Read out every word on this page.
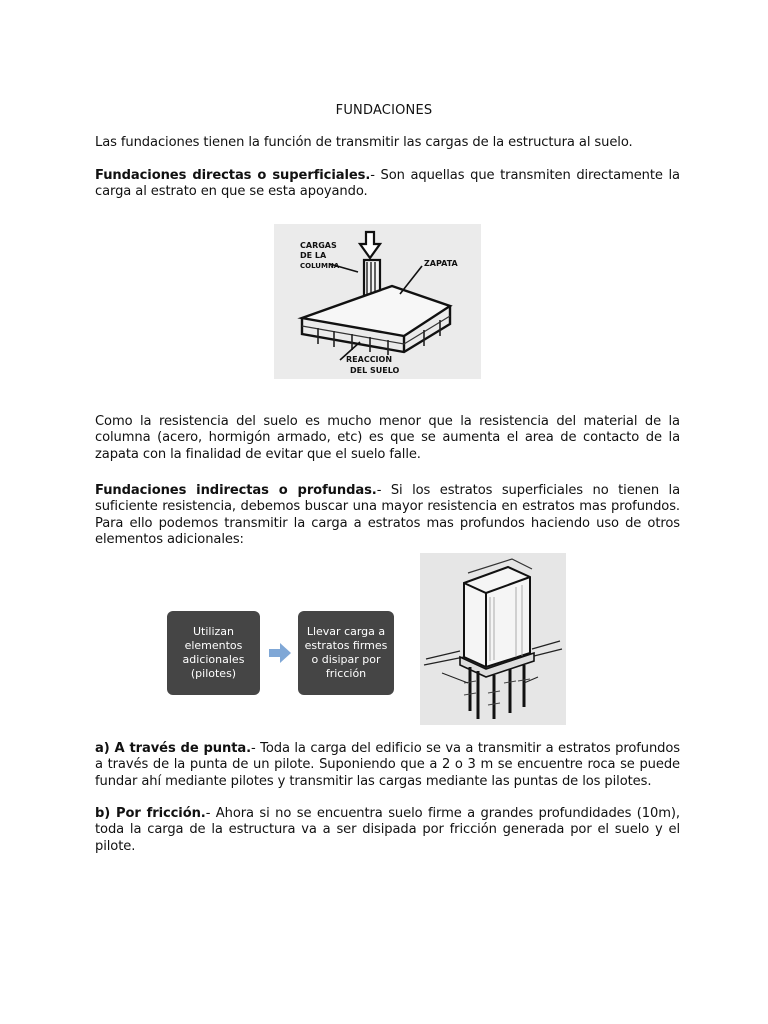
FUNDACIONES
Las fundaciones tienen la función de transmitir las cargas de la estructura al suelo.
Fundaciones directas o superficiales.- Son aquellas que transmiten directamente la carga al estrato en que se esta apoyando.
CARGAS
DE LA
COLUMNA	ZAPATA
REACCION
DEL SUELO
Como la resistencia del suelo es mucho menor que la resistencia del material de la columna (acero, hormigón armado, etc) es que se aumenta el area de contacto de la zapata con la finalidad de evitar que el suelo falle.
Fundaciones indirectas o profundas.- Si los estratos superficiales no tienen la suficiente resistencia, debemos buscar una mayor resistencia en estratos mas profundos. Para ello podemos transmitir la carga a estratos mas profundos haciendo uso de otros elementos adicionales:
Utilizan elementos adicionales (pilotes)
Llevar carga a estratos firmes o disipar por fricción
a) A través de punta.- Toda la carga del edificio se va a transmitir a estratos profundos a través de la punta de un pilote. Suponiendo que a 2 o 3 m se encuentre roca se puede fundar ahí mediante pilotes y transmitir las cargas mediante las puntas de los pilotes.
b) Por fricción.- Ahora si no se encuentra suelo firme a grandes profundidades (10m), toda la carga de la estructura va a ser disipada por fricción generada por el suelo y el pilote.
